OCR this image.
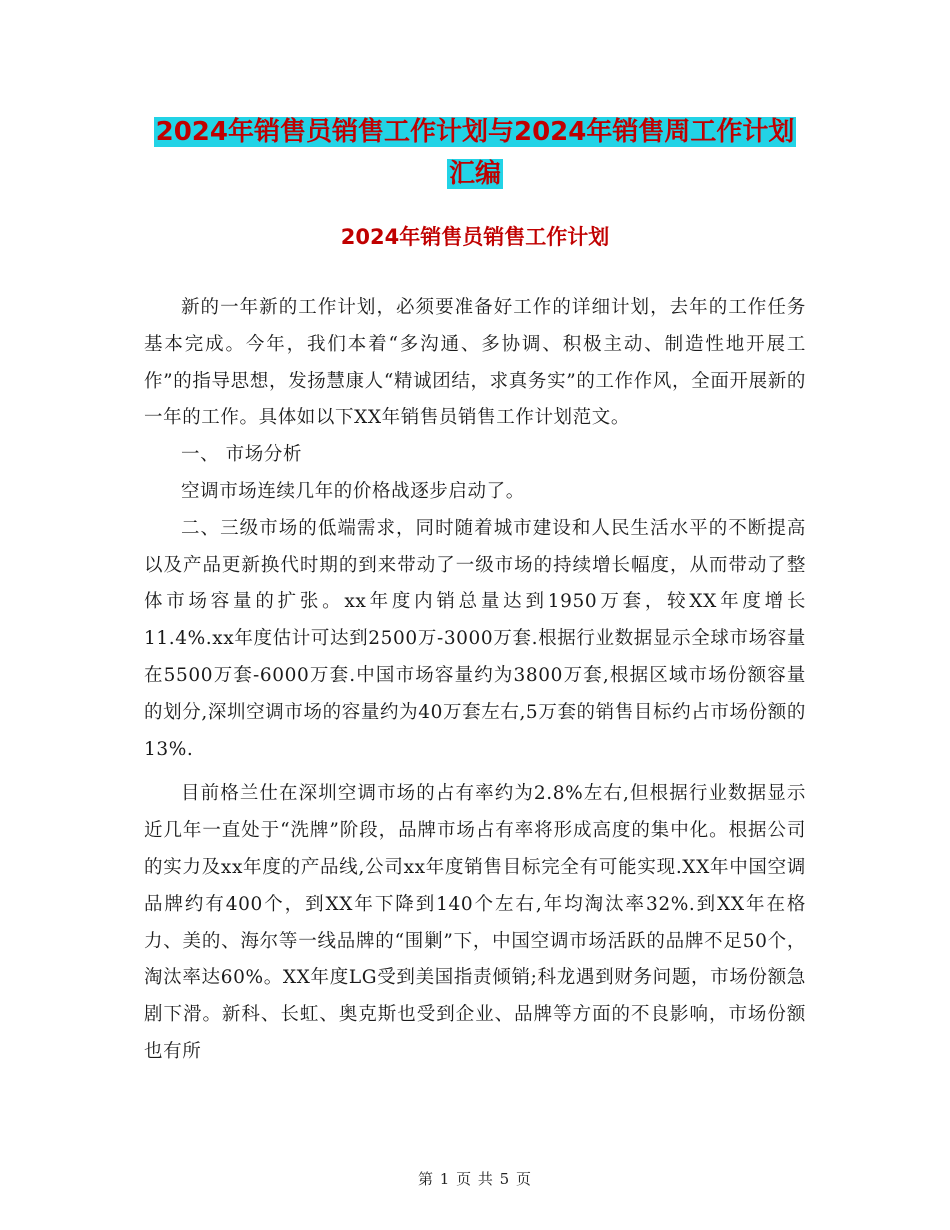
2024年销售员销售工作计划与2024年销售周工作计划
汇编
2024年销售员销售工作计划

新的一年新的工作计划，必须要准备好工作的详细计划，去年的工作任务基本完成。今年，我们本着“多沟通、多协调、积极主动、制造性地开展工作”的指导思想，发扬慧康人“精诚团结，求真务实”的工作作风，全面开展新的一年的工作。具体如以下XX年销售员销售工作计划范文。

一、 市场分析

空调市场连续几年的价格战逐步启动了。

二、三级市场的低端需求，同时随着城市建设和人民生活水平的不断提高以及产品更新换代时期的到来带动了一级市场的持续增长幅度，从而带动了整体市场容量的扩张。xx年度内销总量达到1950万套，较XX年度增长11.4%.xx年度估计可达到2500万-3000万套.根据行业数据显示全球市场容量在5500万套-6000万套.中国市场容量约为3800万套,根据区域市场份额容量的划分,深圳空调市场的容量约为40万套左右,5万套的销售目标约占市场份额的13%.

目前格兰仕在深圳空调市场的占有率约为2.8%左右,但根据行业数据显示近几年一直处于“洗牌”阶段，品牌市场占有率将形成高度的集中化。根据公司的实力及xx年度的产品线,公司xx年度销售目标完全有可能实现.XX年中国空调品牌约有400个，到XX年下降到140个左右,年均淘汰率32%.到XX年在格力、美的、海尔等一线品牌的“围剿”下，中国空调市场活跃的品牌不足50个，淘汰率达60%。XX年度LG受到美国指责倾销;科龙遇到财务问题，市场份额急剧下滑。新科、长虹、奥克斯也受到企业、品牌等方面的不良影响，市场份额也有所

第 1 页 共 5 页
